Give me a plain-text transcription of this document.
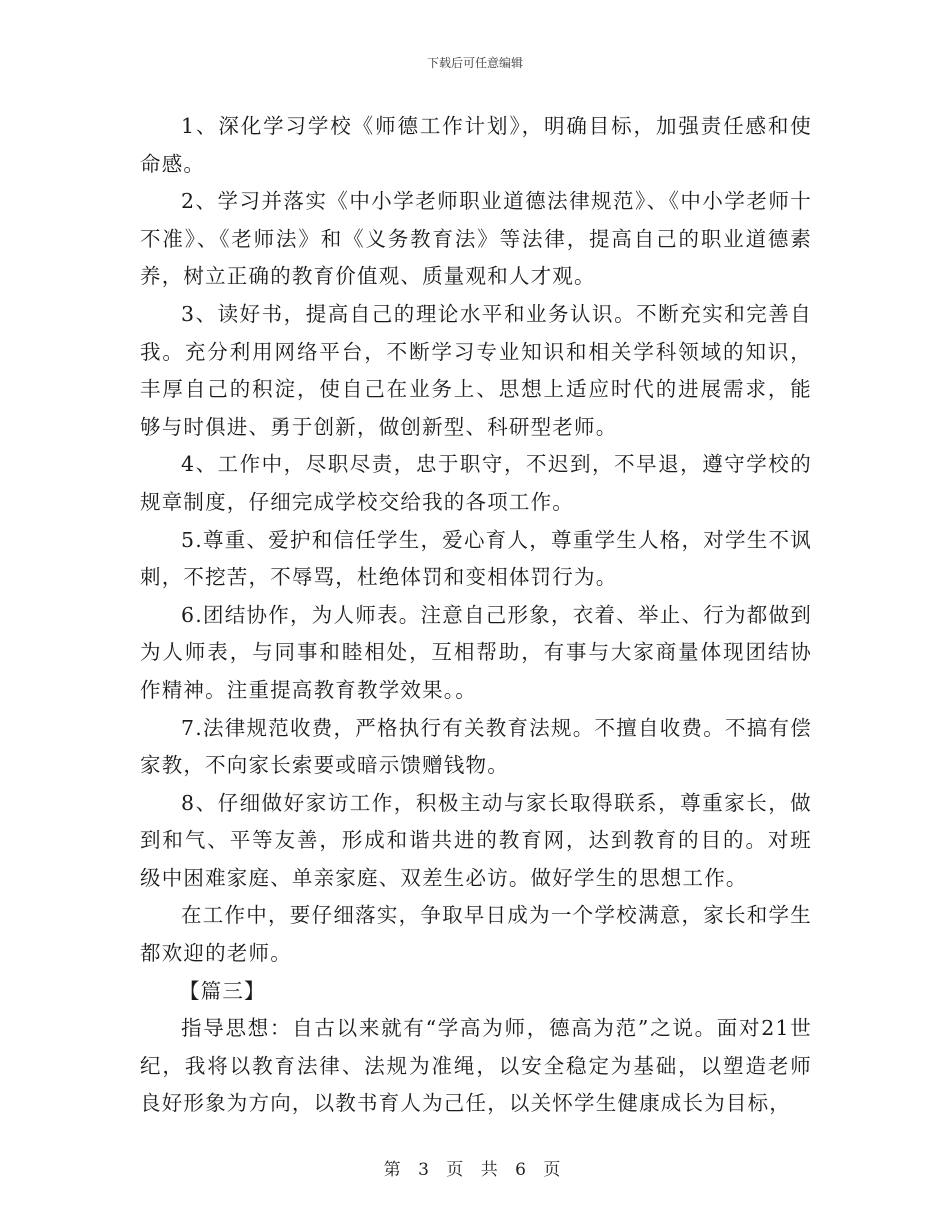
下载后可任意编辑

1、深化学习学校《师德工作计划》，明确目标，加强责任感和使命感。

2、学习并落实《中小学老师职业道德法律规范》、《中小学老师十不准》、《老师法》和《义务教育法》等法律，提高自己的职业道德素养，树立正确的教育价值观、质量观和人才观。

3、读好书，提高自己的理论水平和业务认识。不断充实和完善自我。充分利用网络平台，不断学习专业知识和相关学科领域的知识，丰厚自己的积淀，使自己在业务上、思想上适应时代的进展需求，能够与时俱进、勇于创新，做创新型、科研型老师。

4、工作中，尽职尽责，忠于职守，不迟到，不早退，遵守学校的规章制度，仔细完成学校交给我的各项工作。

5.尊重、爱护和信任学生，爱心育人，尊重学生人格，对学生不讽刺，不挖苦，不辱骂，杜绝体罚和变相体罚行为。

6.团结协作，为人师表。注意自己形象，衣着、举止、行为都做到为人师表，与同事和睦相处，互相帮助，有事与大家商量体现团结协作精神。注重提高教育教学效果。。

7.法律规范收费，严格执行有关教育法规。不擅自收费。不搞有偿家教，不向家长索要或暗示馈赠钱物。

8、仔细做好家访工作，积极主动与家长取得联系，尊重家长，做到和气、平等友善，形成和谐共进的教育网，达到教育的目的。对班级中困难家庭、单亲家庭、双差生必访。做好学生的思想工作。

在工作中，要仔细落实，争取早日成为一个学校满意，家长和学生都欢迎的老师。

【篇三】

指导思想：自古以来就有“学高为师，德高为范”之说。面对21世纪，我将以教育法律、法规为准绳，以安全稳定为基础，以塑造老师良好形象为方向，以教书育人为己任，以关怀学生健康成长为目标，

第 3 页 共 6 页
